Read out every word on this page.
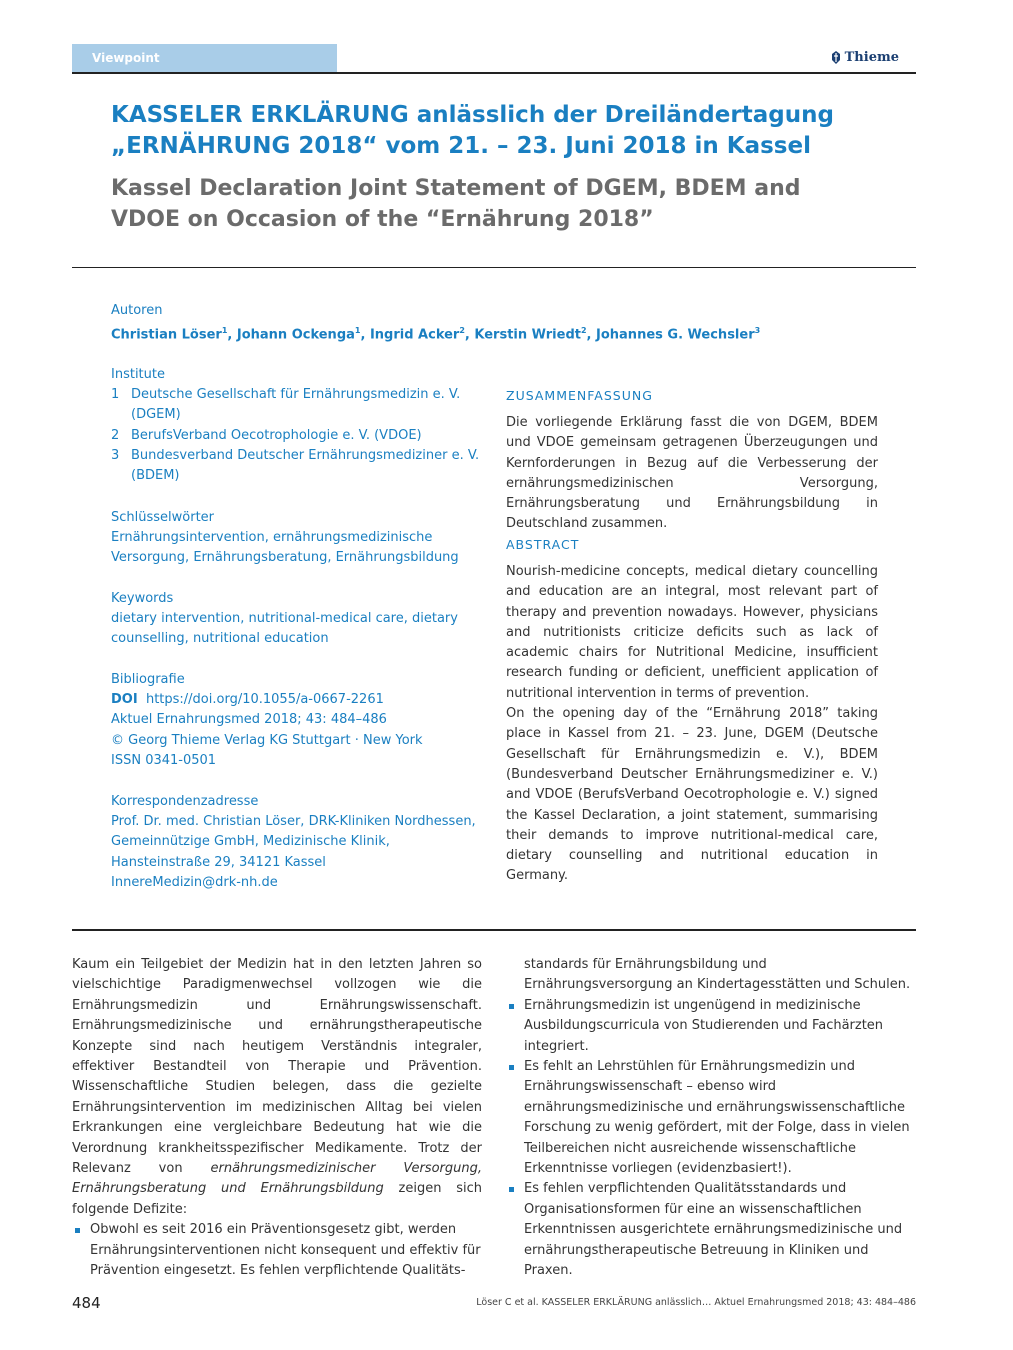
Viewpoint	Thieme
KASSELER ERKLÄRUNG anlässlich der Dreiländertagung „ERNÄHRUNG 2018“ vom 21. – 23. Juni 2018 in Kassel
Kassel Declaration Joint Statement of DGEM, BDEM and VDOE on Occasion of the “Ernährung 2018”
Autoren
Christian Löser$^1$, Johann Ockenga$^1$, Ingrid Acker$^2$, Kerstin Wriedt$^2$, Johannes G. Wechsler$^3$
Institute
1 Deutsche Gesellschaft für Ernährungsmedizin e. V. (DGEM)
2 BerufsVerband Oecotrophologie e. V. (VDOE)
3 Bundesverband Deutscher Ernährungsmediziner e. V. (BDEM)
Schlüsselwörter
Ernährungsintervention, ernährungsmedizinische Versorgung, Ernährungsberatung, Ernährungsbildung
Keywords
dietary intervention, nutritional-medical care, dietary counselling, nutritional education
Bibliografie
DOI https://doi.org/10.1055/a-0667-2261
Aktuel Ernahrungsmed 2018; 43: 484–486
© Georg Thieme Verlag KG Stuttgart · New York
ISSN 0341-0501
Korrespondenzadresse
Prof. Dr. med. Christian Löser, DRK-Kliniken Nordhessen, Gemeinnützige GmbH, Medizinische Klinik, Hansteinstraße 29, 34121 Kassel
InnereMedizin@drk-nh.de
ZUSAMMENFASSUNG

Die vorliegende Erklärung fasst die von DGEM, BDEM und VDOE gemeinsam getragenen Überzeugungen und Kernforderungen in Bezug auf die Verbesserung der ernährungsmedizinischen Versorgung, Ernährungsberatung und Ernährungsbildung in Deutschland zusammen.

ABSTRACT

Nourish-medicine concepts, medical dietary councelling and education are an integral, most relevant part of therapy and prevention nowadays. However, physicians and nutritionists criticize deficits such as lack of academic chairs for Nutritional Medicine, insufficient research funding or deficient, unefficient application of nutritional intervention in terms of prevention.

On the opening day of the “Ernährung 2018” taking place in Kassel from 21. – 23. June, DGEM (Deutsche Gesellschaft für Ernährungsmedizin e. V.), BDEM (Bundesverband Deutscher Ernährungsmediziner e. V.) and VDOE (BerufsVerband Oecotrophologie e. V.) signed the Kassel Declaration, a joint statement, summarising their demands to improve nutritional-medical care, dietary counselling and nutritional education in Germany.

Kaum ein Teilgebiet der Medizin hat in den letzten Jahren so vielschichtige Paradigmenwechsel vollzogen wie die Ernährungsmedizin und Ernährungswissenschaft. Ernährungsmedizinische und ernährungstherapeutische Konzepte sind nach heutigem Verständnis integraler, effektiver Bestandteil von Therapie und Prävention. Wissenschaftliche Studien belegen, dass die gezielte Ernährungsintervention im medizinischen Alltag bei vielen Erkrankungen eine vergleichbare Bedeutung hat wie die Verordnung krankheitsspezifischer Medikamente. Trotz der Relevanz von ernährungsmedizinischer Versorgung, Ernährungsberatung und Ernährungsbildung zeigen sich folgende Defizite:

Obwohl es seit 2016 ein Präventionsgesetz gibt, werden Ernährungsinterventionen nicht konsequent und effektiv für Prävention eingesetzt. Es fehlen verpflichtende Qualitäts-
standards für Ernährungsbildung und Ernährungsversorgung an Kindertagesstätten und Schulen.
Ernährungsmedizin ist ungenügend in medizinische Ausbildungscurricula von Studierenden und Fachärzten integriert.
Es fehlt an Lehrstühlen für Ernährungsmedizin und Ernährungswissenschaft – ebenso wird ernährungsmedizinische und ernährungswissenschaftliche Forschung zu wenig gefördert, mit der Folge, dass in vielen Teilbereichen nicht ausreichende wissenschaftliche Erkenntnisse vorliegen (evidenzbasiert!).
Es fehlen verpflichtenden Qualitätsstandards und Organisationsformen für eine an wissenschaftlichen Erkenntnissen ausgerichtete ernährungsmedizinische und ernährungstherapeutische Betreuung in Kliniken und Praxen.
484	Löser C et al. KASSELER ERKLÄRUNG anlässlich… Aktuel Ernahrungsmed 2018; 43: 484–486
